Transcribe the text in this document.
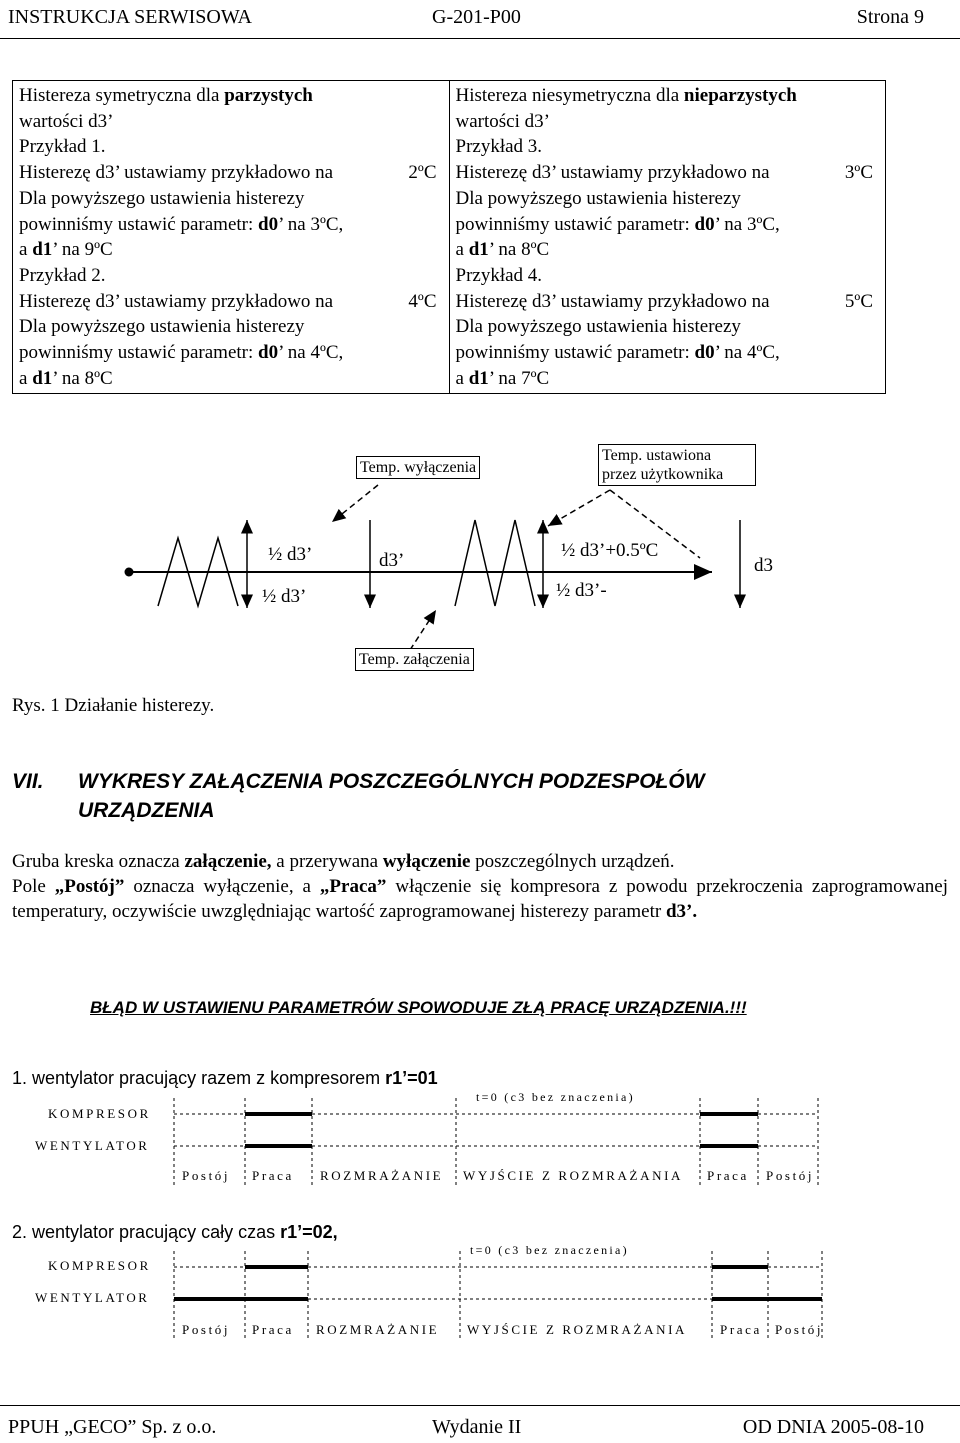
INSTRUKCJA SERWISOWA	G-201-P00	Strona 9
Histereza symetryczna dla parzystych
wartości d3’
Przykład 1.
Histerezę d3’ ustawiamy przykładowo na	2ºC
Dla powyższego ustawienia histerezy
powinniśmy ustawić parametr: d0’ na 3ºC,
a d1’ na 9ºC
Przykład 2.
Histerezę d3’ ustawiamy przykładowo na	4ºC
Dla powyższego ustawienia histerezy
powinniśmy ustawić parametr: d0’ na 4ºC,
a d1’ na 8ºC

Histereza niesymetryczna dla nieparzystych
wartości d3’
Przykład 3.
Histerezę d3’ ustawiamy przykładowo na	3ºC
Dla powyższego ustawienia histerezy
powinniśmy ustawić parametr: d0’ na 3ºC,
a d1’ na 8ºC
Przykład 4.
Histerezę d3’ ustawiamy przykładowo na	5ºC
Dla powyższego ustawienia histerezy
powinniśmy ustawić parametr: d0’ na 4ºC,
a d1’ na 7ºC
Temp. wyłączenia
Temp. ustawiona
przez użytkownika
Temp. załączenia
½ d3’
½ d3’
d3’	½ d3’+0.5ºC
½ d3’-
d3
Rys. 1 Działanie histerezy.
VII. WYKRESY ZAŁĄCZENIA POSZCZEGÓLNYCH PODZESPOŁÓW
URZĄDZENIA
Gruba kreska oznacza załączenie, a przerywana wyłączenie poszczególnych urządzeń.
Pole „Postój” oznacza wyłączenie, a „Praca” włączenie się kompresora z powodu przekroczenia zaprogramowanej temperatury, oczywiście uwzględniając wartość zaprogramowanej histerezy parametr d3’.
BŁĄD W USTAWIENU PARAMETRÓW SPOWODUJE ZŁĄ PRACĘ URZĄDZENIA.!!!
1. wentylator pracujący razem z kompresorem r1’=01
t=0 (c3 bez znaczenia)
KOMPRESOR
WENTYLATOR
Postój Praca ROZMRAŻANIE WYJŚCIE Z ROZMRAŻANIA Praca Postój
2. wentylator pracujący cały czas r1’=02,
t=0 (c3 bez znaczenia)
KOMPRESOR
WENTYLATOR
Postój Praca ROZMRAŻANIE WYJŚCIE Z ROZMRAŻANIA	Praca Postój
PPUH „GECO” Sp. z o.o.	Wydanie II	OD DNIA 2005-08-10
